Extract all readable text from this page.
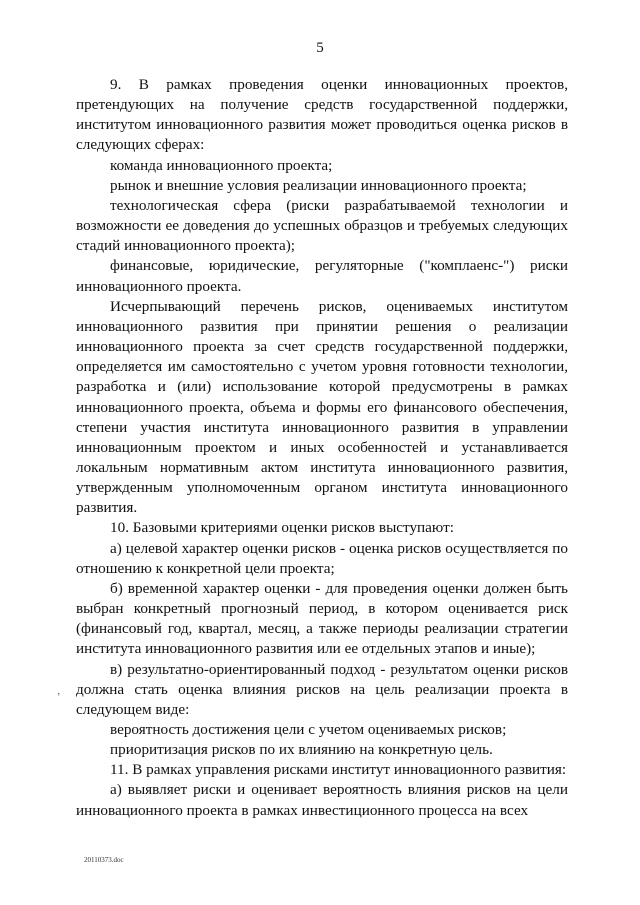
5

9. В рамках проведения оценки инновационных проектов, претендующих на получение средств государственной поддержки, институтом инновационного развития может проводиться оценка рисков в следующих сферах:

команда инновационного проекта;

рынок и внешние условия реализации инновационного проекта;

технологическая сфера (риски разрабатываемой технологии и возможности ее доведения до успешных образцов и требуемых следующих стадий инновационного проекта);

финансовые, юридические, регуляторные ("комплаенс-") риски инновационного проекта.

Исчерпывающий перечень рисков, оцениваемых институтом инновационного развития при принятии решения о реализации инновационного проекта за счет средств государственной поддержки, определяется им самостоятельно с учетом уровня готовности технологии, разработка и (или) использование которой предусмотрены в рамках инновационного проекта, объема и формы его финансового обеспечения, степени участия института инновационного развития в управлении инновационным проектом и иных особенностей и устанавливается локальным нормативным актом института инновационного развития, утвержденным уполномоченным органом института инновационного развития.

10. Базовыми критериями оценки рисков выступают:

а) целевой характер оценки рисков - оценка рисков осуществляется по отношению к конкретной цели проекта;

б) временной характер оценки - для проведения оценки должен быть выбран конкретный прогнозный период, в котором оценивается риск (финансовый год, квартал, месяц, а также периоды реализации стратегии института инновационного развития или ее отдельных этапов и иные);

в) результатно-ориентированный подход - результатом оценки рисков должна стать оценка влияния рисков на цель реализации проекта в следующем виде:

вероятность достижения цели с учетом оцениваемых рисков;

приоритизация рисков по их влиянию на конкретную цель.

11. В рамках управления рисками институт инновационного развития:

а) выявляет риски и оценивает вероятность влияния рисков на цели инновационного проекта в рамках инвестиционного процесса на всех

ʼ
20110373.doc
